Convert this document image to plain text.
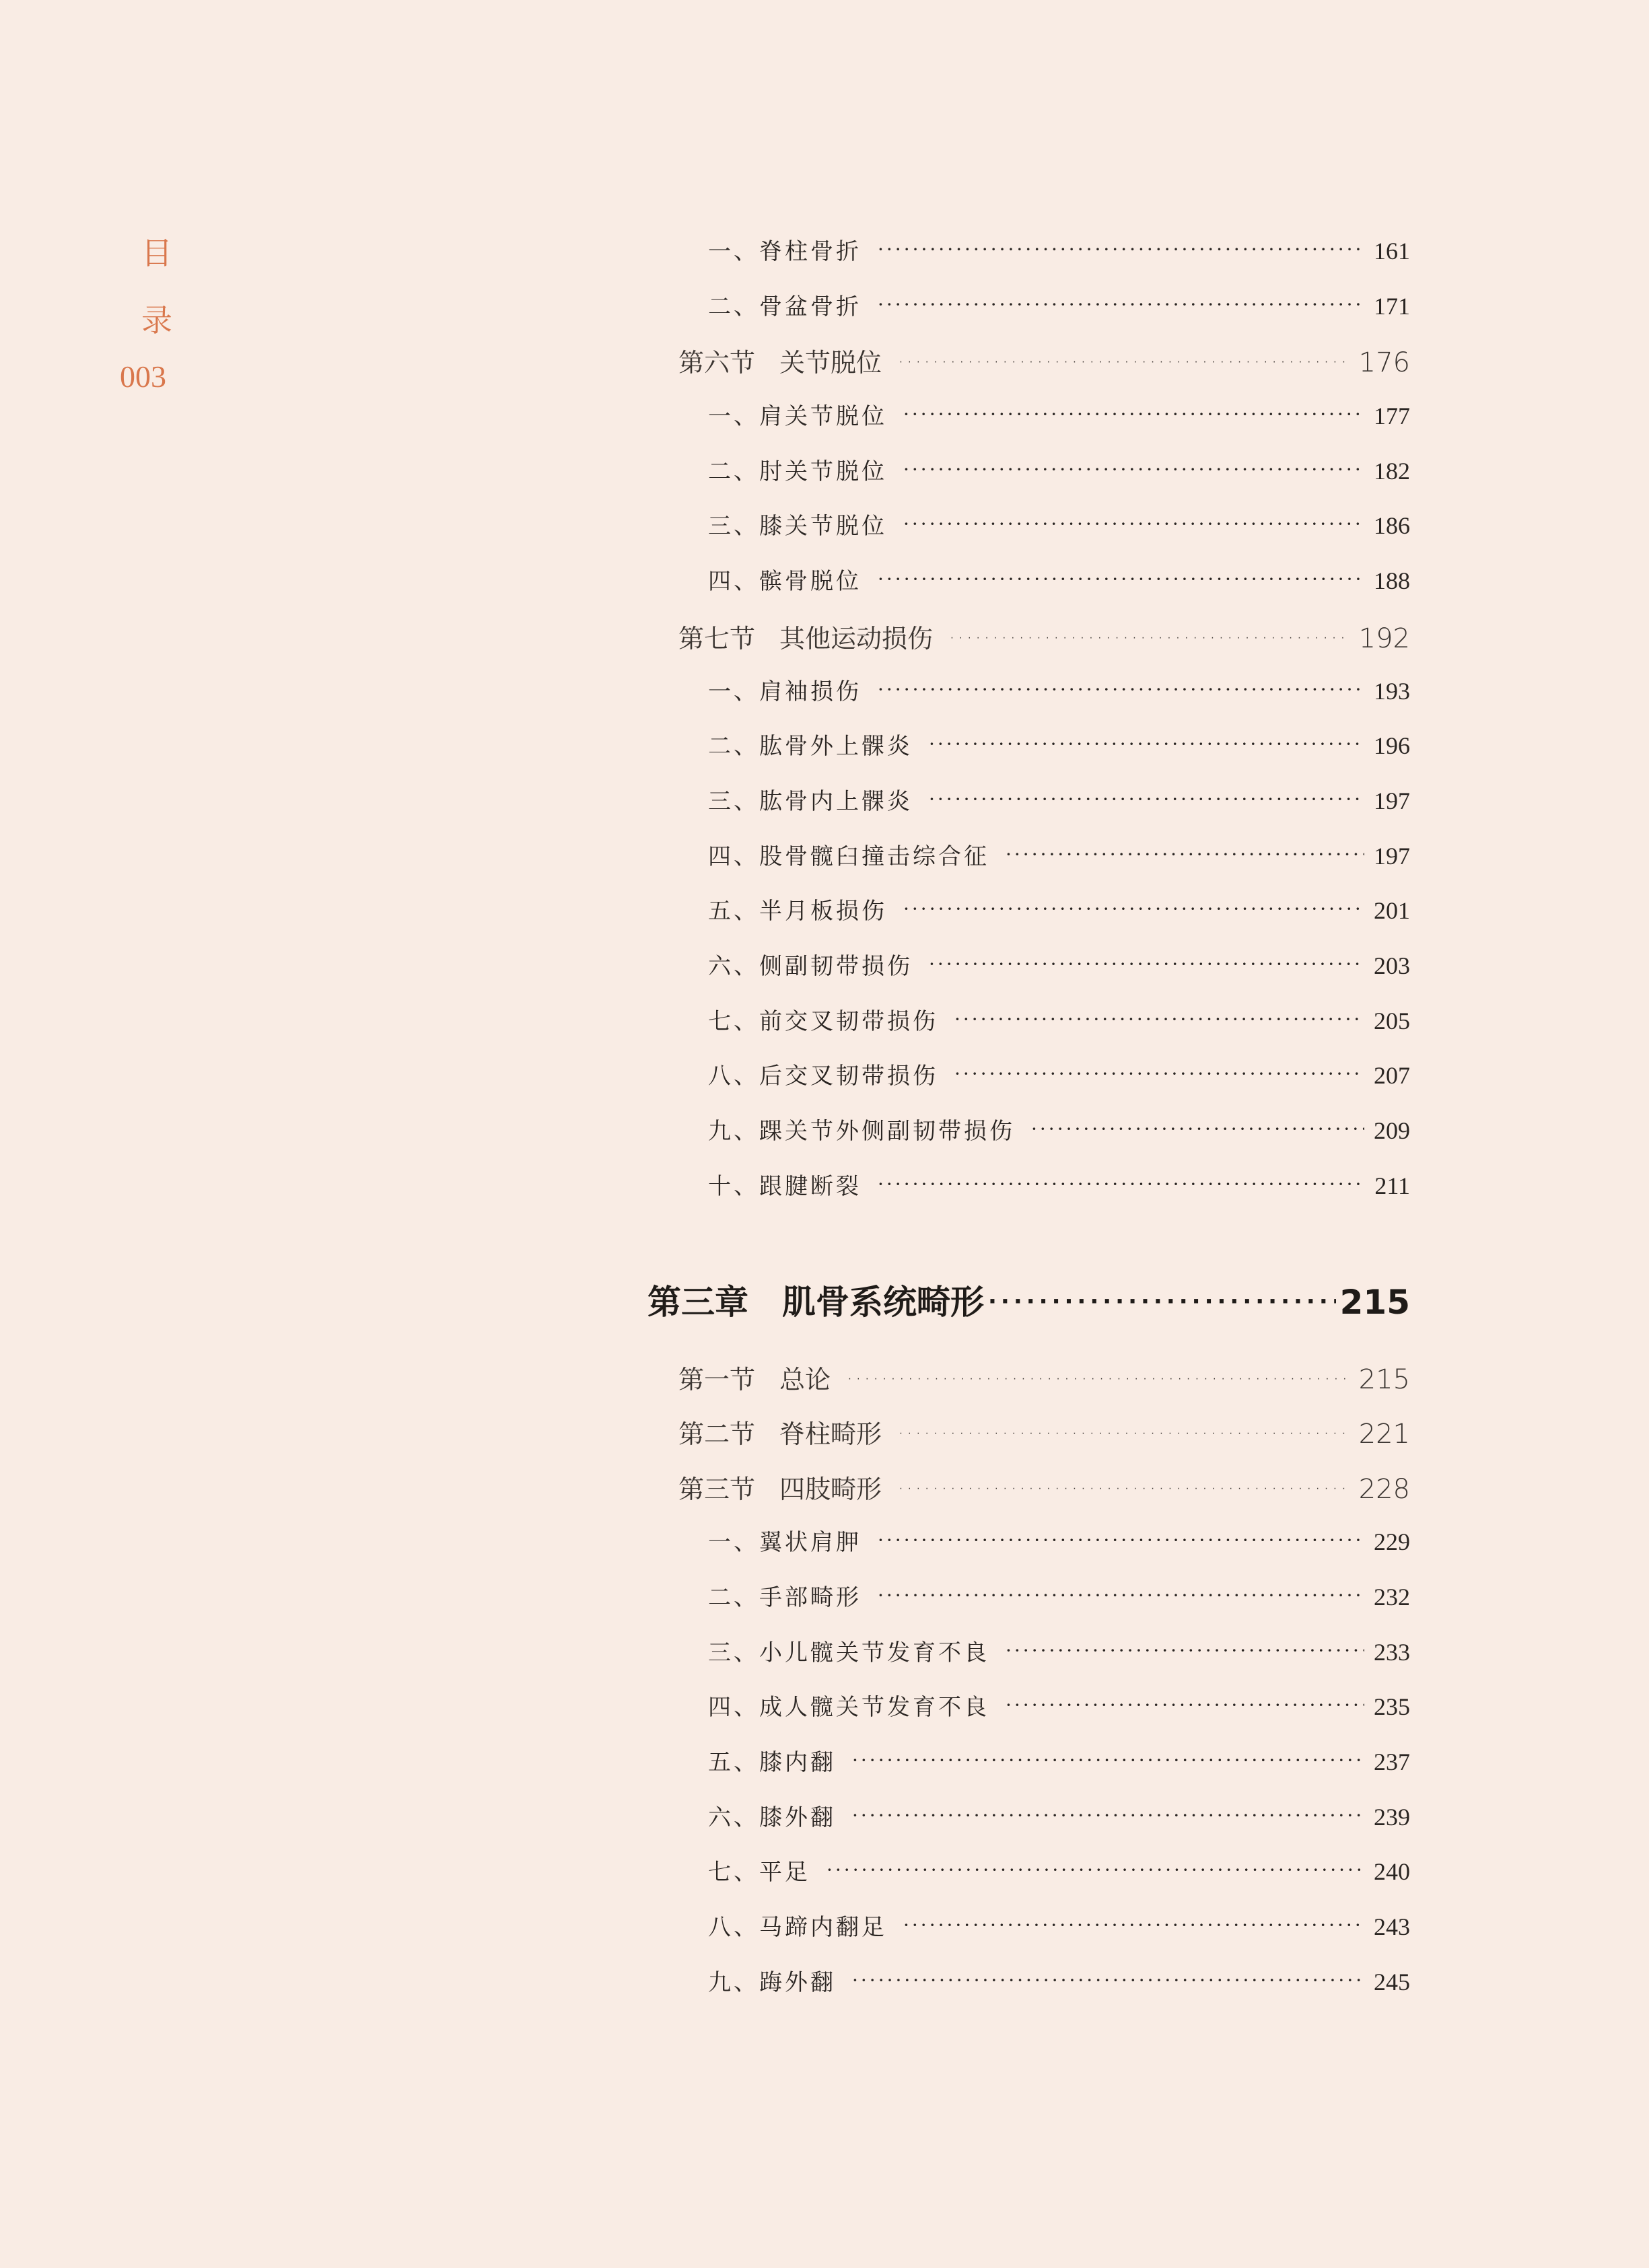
目
录
003
一、脊柱骨折 ·····	161
二、骨盆骨折 ·····	171
第六节 关节脱位 ·····	176
一、肩关节脱位 ·····	177
二、肘关节脱位 ·····	182
三、膝关节脱位 ·····	186
四、髌骨脱位 ·····	188
第七节 其他运动损伤 ·····	192
一、肩袖损伤 ·····	193
二、肱骨外上髁炎 ·····	196
三、肱骨内上髁炎 ·····	197
四、股骨髋臼撞击综合征 ·····	197
五、半月板损伤 ·····	201
六、侧副韧带损伤 ·····	203
七、前交叉韧带损伤 ·····	205
八、后交叉韧带损伤 ·····	207
九、踝关节外侧副韧带损伤 ·····	209
十、跟腱断裂 ·····	211
第三章 肌骨系统畸形 ·····	215
第一节 总论 ·····	215
第二节 脊柱畸形 ·····	221
第三节 四肢畸形 ·····	228
一、翼状肩胛 ·····	229
二、手部畸形 ·····	232
三、小儿髋关节发育不良 ·····	233
四、成人髋关节发育不良 ·····	235
五、膝内翻 ·····	237
六、膝外翻 ·····	239
七、平足 ·····	240
八、马蹄内翻足 ·····	243
九、踇外翻 ·····	245
